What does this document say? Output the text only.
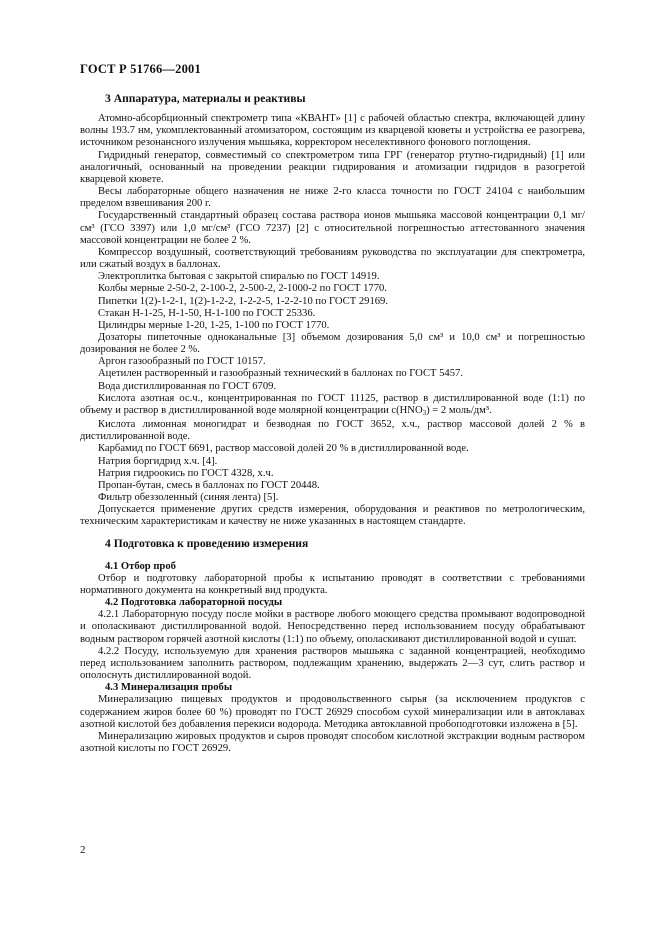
ГОСТ Р 51766—2001
3 Аппаратура, материалы и реактивы

Атомно-абсорбционный спектрометр типа «КВАНТ» [1] с рабочей областью спектра, включающей длину волны 193.7 нм, укомплектованный атомизатором, состоящим из кварцевой кюветы и устройства ее разогрева, источником резонансного излучения мышьяка, корректором неселективного фонового поглощения.

Гидридный генератор, совместимый со спектрометром типа ГРГ (генератор ртутно-гидридный) [1] или аналогичный, основанный на проведении реакции гидрирования и атомизации гидридов в разогретой кварцевой кювете.

Весы лабораторные общего назначения не ниже 2-го класса точности по ГОСТ 24104 с наибольшим пределом взвешивания 200 г.

Государственный стандартный образец состава раствора ионов мышьяка массовой концентрации 0,1 мг/см³ (ГСО 3397) или 1,0 мг/см³ (ГСО 7237) [2] с относительной погрешностью аттестованного значения массовой концентрации не более 2 %.

Компрессор воздушный, соответствующий требованиям руководства по эксплуатации для спектрометра, или сжатый воздух в баллонах.

Электроплитка бытовая с закрытой спиралью по ГОСТ 14919.

Колбы мерные 2-50-2, 2-100-2, 2-500-2, 2-1000-2 по ГОСТ 1770.

Пипетки 1(2)-1-2-1, 1(2)-1-2-2, 1-2-2-5, 1-2-2-10 по ГОСТ 29169.

Стакан Н-1-25, Н-1-50, Н-1-100 по ГОСТ 25336.

Цилиндры мерные 1-20, 1-25, 1-100 по ГОСТ 1770.

Дозаторы пипеточные одноканальные [3] объемом дозирования 5,0 см³ и 10,0 см³ и погрешностью дозирования не более 2 %.

Аргон газообразный по ГОСТ 10157.

Ацетилен растворенный и газообразный технический в баллонах по ГОСТ 5457.

Вода дистиллированная по ГОСТ 6709.

Кислота азотная ос.ч., концентрированная по ГОСТ 11125, раствор в дистиллированной воде (1:1) по объему и раствор в дистиллированной воде молярной концентрации $c(HNO_3) = 2$ моль/дм³.

Кислота лимонная моногидрат и безводная по ГОСТ 3652, х.ч., раствор массовой долей 2 % в дистиллированной воде.

Карбамид по ГОСТ 6691, раствор массовой долей 20 % в дистиллированной воде.

Натрия боргидрид х.ч. [4].

Натрия гидроокись по ГОСТ 4328, х.ч.

Пропан-бутан, смесь в баллонах по ГОСТ 20448.

Фильтр обеззоленный (синяя лента) [5].

Допускается применение других средств измерения, оборудования и реактивов по метрологическим, техническим характеристикам и качеству не ниже указанных в настоящем стандарте.

4 Подготовка к проведению измерения
4.1 Отбор проб

Отбор и подготовку лабораторной пробы к испытанию проводят в соответствии с требованиями нормативного документа на конкретный вид продукта.

4.2 Подготовка лабораторной посуды

4.2.1 Лабораторную посуду после мойки в растворе любого моющего средства промывают водопроводной и ополаскивают дистиллированной водой. Непосредственно перед использованием посуду обрабатывают водным раствором горячей азотной кислоты (1:1) по объему, ополаскивают дистиллированной водой и сушат.

4.2.2 Посуду, используемую для хранения растворов мышьяка с заданной концентрацией, необходимо перед использованием заполнить раствором, подлежащим хранению, выдержать 2—3 сут, слить раствор и ополоснуть дистиллированной водой.

4.3 Минерализация пробы

Минерализацию пищевых продуктов и продовольственного сырья (за исключением продуктов с содержанием жиров более 60 %) проводят по ГОСТ 26929 способом сухой минерализации или в автоклавах азотной кислотой без добавления перекиси водорода. Методика автоклавной пробоподготовки изложена в [5].

Минерализацию жировых продуктов и сыров проводят способом кислотной экстракции водным раствором азотной кислоты по ГОСТ 26929.

2
